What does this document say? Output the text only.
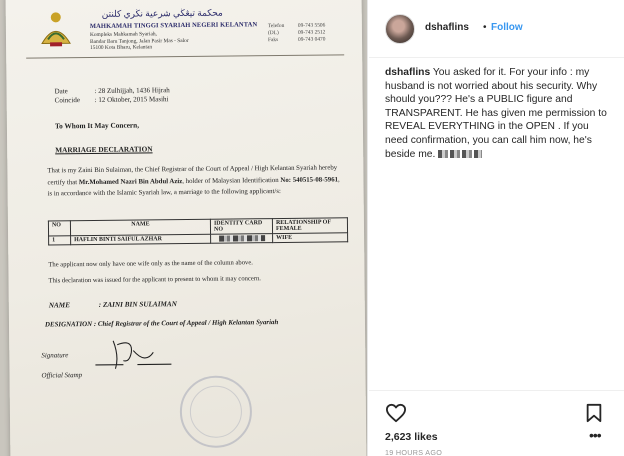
محكمة تيڠڬي شرعية نڬري كلنتن
MAHKAMAH TINGGI SYARIAH NEGERI KELANTAN
Kompleks Mahkamah Syariah,
Bandar Baru Tanjong, Jalan Pasir Mas - Salor
15100 Kota Bharu, Kelantan
Telefon	09-743 5506
(DL)	09-743 2512
Faks	09-743 0470
Date	: 28 Zulhijjah, 1436 Hijrah
Coincide	: 12 Oktober, 2015 Masihi
To Whom It May Concern,
MARRIAGE DECLARATION
That is my Zaini Bin Sulaiman, the Chief Registrar of the Court of Appeal / High Kelantan Syariah hereby certify that Mr.Mohamed Nazri Bin Abdul Aziz, holder of Malaysian Identification No: 540515-08-5961, is in accordance with the Islamic Syariah law, a marriage to the following applicant/s:
NO	NAME	IDENTITY CARD NO	RELATIONSHIP OF FEMALE
1	HAFLIN BINTI SAIFUL AZHAR		WIFE
The applicant now only have one wife only as the name of the column above.
This declaration was issued for the applicant to present to whom it may concern.
NAME	: ZAINI BIN SULAIMAN
DESIGNATION : Chief Registrar of the Court of Appeal / High Kelantan Syariah
Signature
Official Stamp
dshaflins • Follow
dshaflins You asked for it. For your info : my husband is not worried about his security. Why should you??? He's a PUBLIC figure and TRANSPARENT. He has given me permission to REVEAL EVERYTHING in the OPEN . If you need confirmation, you can call him now, he's beside me.
2,623 likes	•••
19 HOURS AGO
